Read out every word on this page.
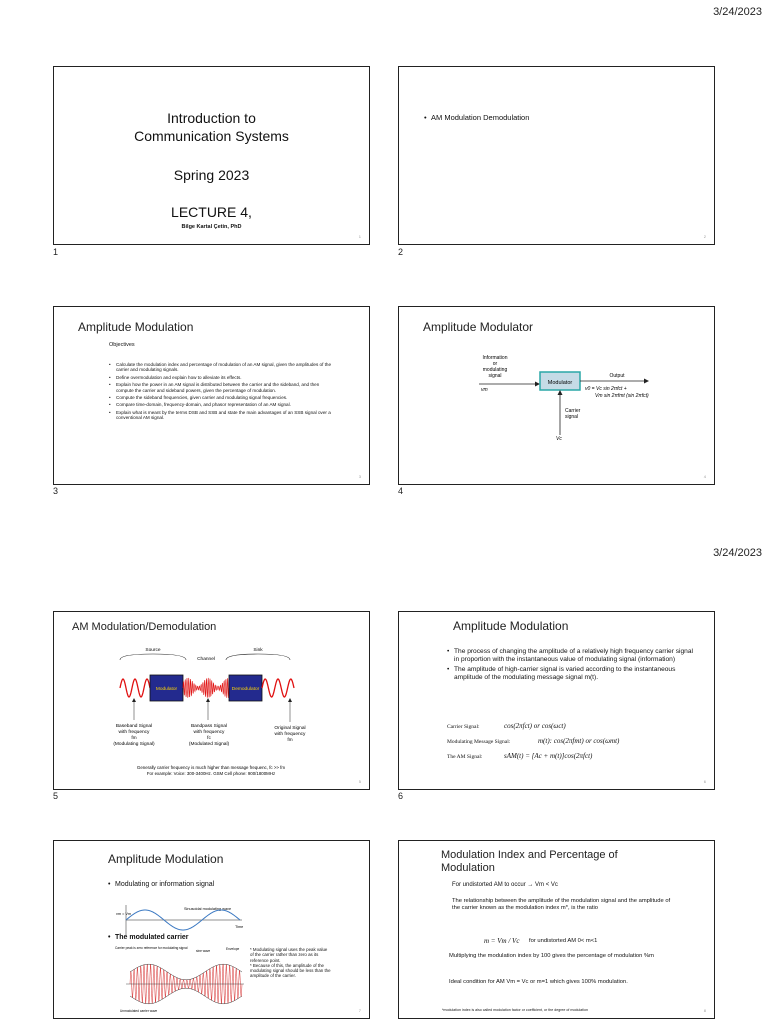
3/24/2023
3/24/2023
Introduction to
Communication Systems
Spring 2023
LECTURE 4,
Bilge Kartal Çetin, PhD
1
1
• AM Modulation Demodulation
2
2
Amplitude Modulation
Objectives
• Calculate the modulation index and percentage of modulation of an AM signal, given the amplitudes of the carrier and modulating signals.
• Define overmodulation and explain how to alleviate its effects.
• Explain how the power in an AM signal is distributed between the carrier and the sideband, and then compute the carrier and sideband powers, given the percentage of modulation.
• Compute the sideband frequencies, given carrier and modulating signal frequencies.
• Compare time-domain, frequency-domain, and phasor representation of an AM signal.
• Explain what is meant by the terms DSB and SSB and state the main advantages of an SSB signal over a conventional AM signal.
3
3
Amplitude Modulator
Information
or
modulating
signal
vm
Modulator
Output
v0 = Vc sin 2πfct +
Vm sin 2πfmt (sin 2πfct)
Carrier
signal
Vc
4
4
AM Modulation/Demodulation
Source
Channel
Sink
Modulator	Demodulator
Baseband Signal
with frequency
fm
(Modulating Signal)
Bandpass Signal
with frequency
fc
(Modulated Signal)
Original Signal
with frequency
fm
Generally carrier frequency is much higher than message frequenc, fc >> fm
For example: Voice: 300-3400Hz. GSM Cell phone: 900/1800MHz
5
5
Amplitude Modulation
• The process of changing the amplitude of a relatively high frequency carrier signal in proportion with the instantaneous value of modulating signal (information)
• The amplitude of high-carrier signal is varied according to the instantaneous amplitude of the modulating message signal m(t).
Carrier Signal:	cos(2πfct) or cos(ωct)
Modulating Message Signal:	m(t): cos(2πfmt) or cos(ωmt)
The AM Signal:	sAM(t) = [Ac + m(t)]cos(2πfct)
6
6
Amplitude Modulation
• Modulating or information signal
Sinusoidal modulating wave
vm = Vm
Time
Carrier peak is zero reference for modulating signal
sine wave	Envelope
Unmodulated carrier wave
• The modulated carrier
* Modulating signal uses the peak value of the carrier rather than zero as its reference point.
* Because of this, the amplitude of the modulating signal should be less than the amplitude of the carrier.
7
Modulation Index and Percentage of
Modulation
For undistorted AM to occur → Vm < Vc
The relationship between the amplitude of the modulation signal and the amplitude of the carrier known as the modulation index m*, is the ratio
m = Vm / Vc for undistorted AM 0< m<1
Multiplying the modulation index by 100 gives the percentage of modulation %m
Ideal condition for AM Vm = Vc or m=1 which gives 100% modulation.
*modulation index is also called modulation factor or coefficient, or the degree of modulation	8
